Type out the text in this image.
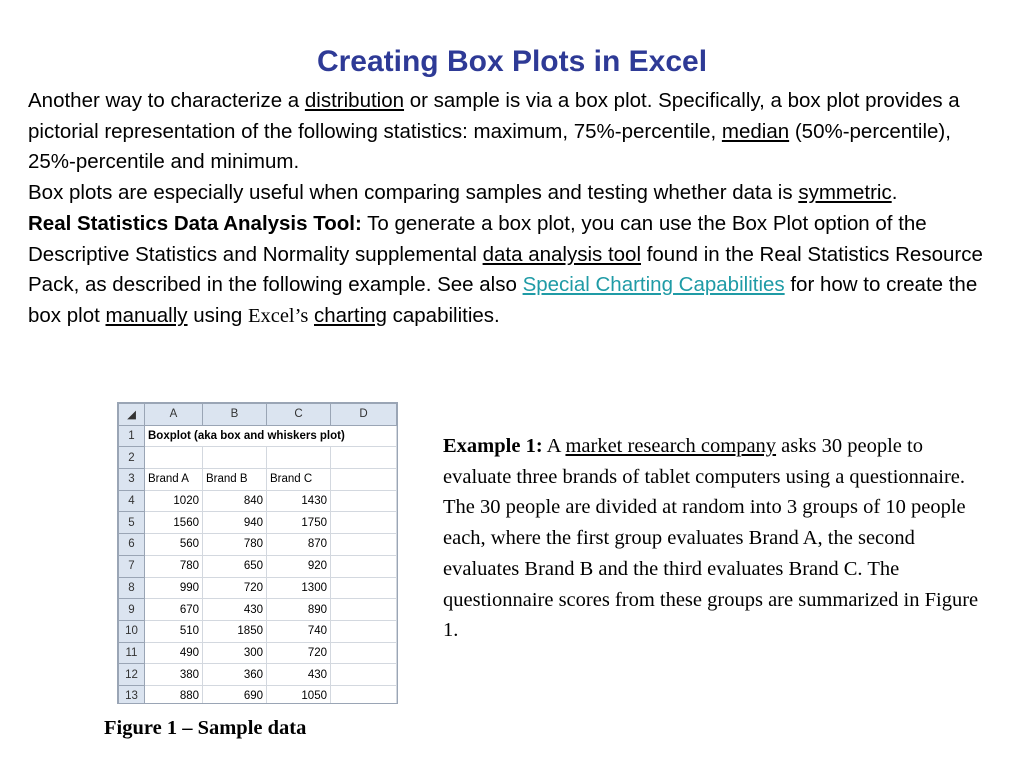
Creating Box Plots in Excel

Another way to characterize a distribution or sample is via a box plot. Specifically, a box plot provides a pictorial representation of the following statistics: maximum, 75%-percentile, median (50%-percentile), 25%-percentile and minimum.

Box plots are especially useful when comparing samples and testing whether data is symmetric.

Real Statistics Data Analysis Tool: To generate a box plot, you can use the Box Plot option of the Descriptive Statistics and Normality supplemental data analysis tool found in the Real Statistics Resource Pack, as described in the following example. See also Special Charting Capabilities for how to create the box plot manually using Excel’s charting capabilities.

◢	A	B	C	D
1	Boxplot (aka box and whiskers plot)			
2				
3	Brand A	Brand B	Brand C	
4	1020	840	1430	
5	1560	940	1750	
6	560	780	870	
7	780	650	920	
8	990	720	1300	
9	670	430	890	
10	510	1850	740	
11	490	300	720	
12	380	360	430	
13	880	690	1050	

Figure 1 – Sample data

Example 1: A market research company asks 30 people to evaluate three brands of tablet computers using a questionnaire. The 30 people are divided at random into 3 groups of 10 people each, where the first group evaluates Brand A, the second evaluates Brand B and the third evaluates Brand C. The questionnaire scores from these groups are summarized in Figure 1.
